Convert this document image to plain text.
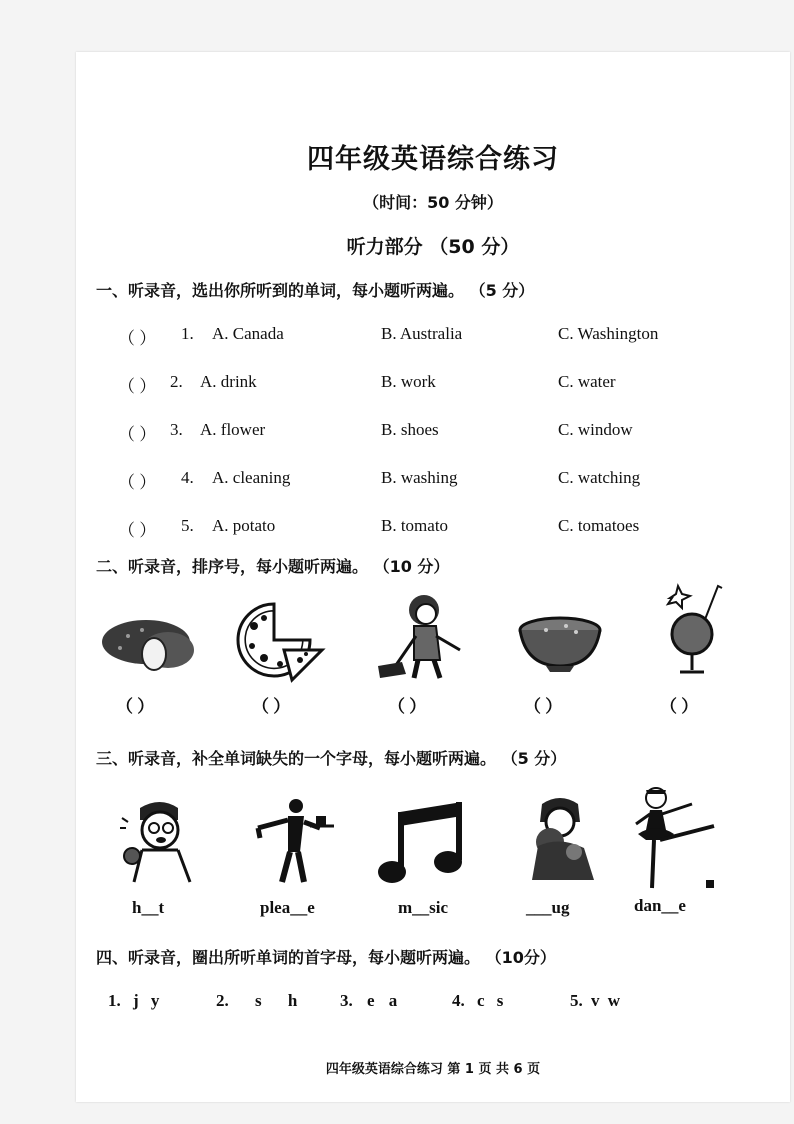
四年级英语综合练习
（时间：50 分钟）
听力部分 （50 分）
一、听录音，选出你所听到的单词，每小题听两遍。 （5 分）
（ ） 1. A. Canada	B. Australia	C. Washington
（ ） 2. A. drink	B. work	C. water
（ ） 3. A. flower	B. shoes	C. window
（ ） 4. A. cleaning	B. washing	C. watching
（ ） 5. A. potato	B. tomato	C. tomatoes
二、听录音，排序号，每小题听两遍。 （10 分）
（ ）	（ ）	（ ）	（ ）	（ ）
三、听录音，补全单词缺失的一个字母，每小题听两遍。 （5 分）
h__t	plea__e	m__sic	___ug	dan__e
四、听录音，圈出所听单词的首字母，每小题听两遍。 （10分）
1. j y	2. s h	3. e a	4. c s	5. v w
四年级英语综合练习 第 1 页 共 6 页
